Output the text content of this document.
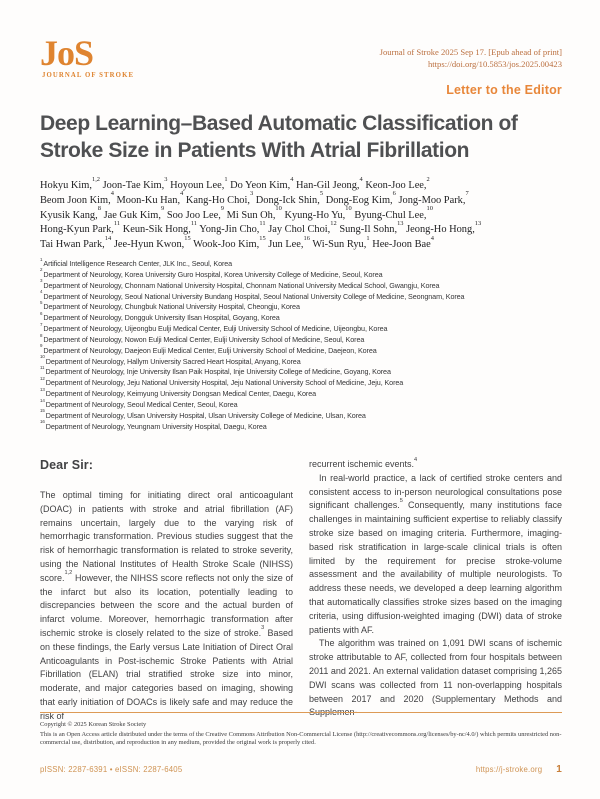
JoS
JOURNAL OF STROKE
Journal of Stroke 2025 Sep 17. [Epub ahead of print]
https://doi.org/10.5853/jos.2025.00423
Letter to the Editor
Deep Learning–Based Automatic Classification of Stroke Size in Patients With Atrial Fibrillation
Hokyu Kim,$^{1,2}$ Joon-Tae Kim,$^3$ Hoyoun Lee,$^1$ Do Yeon Kim,$^4$ Han-Gil Jeong,$^4$ Keon-Joo Lee,$^2$
Beom Joon Kim,$^4$ Moon-Ku Han,$^4$ Kang-Ho Choi,$^3$ Dong-Ick Shin,$^5$ Dong-Eog Kim,$^6$ Jong-Moo Park,$^7$
Kyusik Kang,$^8$ Jae Guk Kim,$^9$ Soo Joo Lee,$^9$ Mi Sun Oh,$^{10}$ Kyung-Ho Yu,$^{10}$ Byung-Chul Lee,$^{10}$
Hong-Kyun Park,$^{11}$ Keun-Sik Hong,$^{11}$ Yong-Jin Cho,$^{11}$ Jay Chol Choi,$^{12}$ Sung-Il Sohn,$^{13}$ Jeong-Ho Hong,$^{13}$
Tai Hwan Park,$^{14}$ Jee-Hyun Kwon,$^{15}$ Wook-Joo Kim,$^{15}$ Jun Lee,$^{16}$ Wi-Sun Ryu,$^1$ Hee-Joon Bae$^4$
$^1$Artificial Intelligence Research Center, JLK Inc., Seoul, Korea
$^2$Department of Neurology, Korea University Guro Hospital, Korea University College of Medicine, Seoul, Korea
$^3$Department of Neurology, Chonnam National University Hospital, Chonnam National University Medical School, Gwangju, Korea
$^4$Department of Neurology, Seoul National University Bundang Hospital, Seoul National University College of Medicine, Seongnam, Korea
$^5$Department of Neurology, Chungbuk National University Hospital, Cheongju, Korea
$^6$Department of Neurology, Dongguk University Ilsan Hospital, Goyang, Korea
$^7$Department of Neurology, Uijeongbu Eulji Medical Center, Eulji University School of Medicine, Uijeongbu, Korea
$^8$Department of Neurology, Nowon Eulji Medical Center, Eulji University School of Medicine, Seoul, Korea
$^9$Department of Neurology, Daejeon Eulji Medical Center, Eulji University School of Medicine, Daejeon, Korea
$^{10}$Department of Neurology, Hallym University Sacred Heart Hospital, Anyang, Korea
$^{11}$Department of Neurology, Inje University Ilsan Paik Hospital, Inje University College of Medicine, Goyang, Korea
$^{12}$Department of Neurology, Jeju National University Hospital, Jeju National University School of Medicine, Jeju, Korea
$^{13}$Department of Neurology, Keimyung University Dongsan Medical Center, Daegu, Korea
$^{14}$Department of Neurology, Seoul Medical Center, Seoul, Korea
$^{15}$Department of Neurology, Ulsan University Hospital, Ulsan University College of Medicine, Ulsan, Korea
$^{16}$Department of Neurology, Yeungnam University Hospital, Daegu, Korea
Dear Sir:

The optimal timing for initiating direct oral anticoagulant (DOAC) in patients with stroke and atrial fibrillation (AF) remains uncertain, largely due to the varying risk of hemorrhagic transformation. Previous studies suggest that the risk of hemorrhagic transformation is related to stroke severity, using the National Institutes of Health Stroke Scale (NIHSS) score.$^{1,2}$ However, the NIHSS score reflects not only the size of the infarct but also its location, potentially leading to discrepancies between the score and the actual burden of infarct volume. Moreover, hemorrhagic transformation after ischemic stroke is closely related to the size of stroke.$^3$ Based on these findings, the Early versus Late Initiation of Direct Oral Anticoagulants in Post-ischemic Stroke Patients with Atrial Fibrillation (ELAN) trial stratified stroke size into minor, moderate, and major categories based on imaging, showing that early initiation of DOACs is likely safe and may reduce the risk of

recurrent ischemic events.$^4$

In real-world practice, a lack of certified stroke centers and consistent access to in-person neurological consultations pose significant challenges.$^5$ Consequently, many institutions face challenges in maintaining sufficient expertise to reliably classify stroke size based on imaging criteria. Furthermore, imaging-based risk stratification in large-scale clinical trials is often limited by the requirement for precise stroke-volume assessment and the availability of multiple neurologists. To address these needs, we developed a deep learning algorithm that automatically classifies stroke sizes based on the imaging criteria, using diffusion-weighted imaging (DWI) data of stroke patients with AF.

The algorithm was trained on 1,091 DWI scans of ischemic stroke attributable to AF, collected from four hospitals between 2011 and 2021. An external validation dataset comprising 1,265 DWI scans was collected from 11 non-overlapping hospitals between 2017 and 2020 (Supplementary Methods and Supplemen-

Copyright © 2025 Korean Stroke Society
This is an Open Access article distributed under the terms of the Creative Commons Attribution Non-Commercial License (http://creativecommons.org/licenses/by-nc/4.0/) which permits unrestricted non-commercial use, distribution, and reproduction in any medium, provided the original work is properly cited.
pISSN: 2287-6391 • eISSN: 2287-6405	https://j-stroke.org 1
